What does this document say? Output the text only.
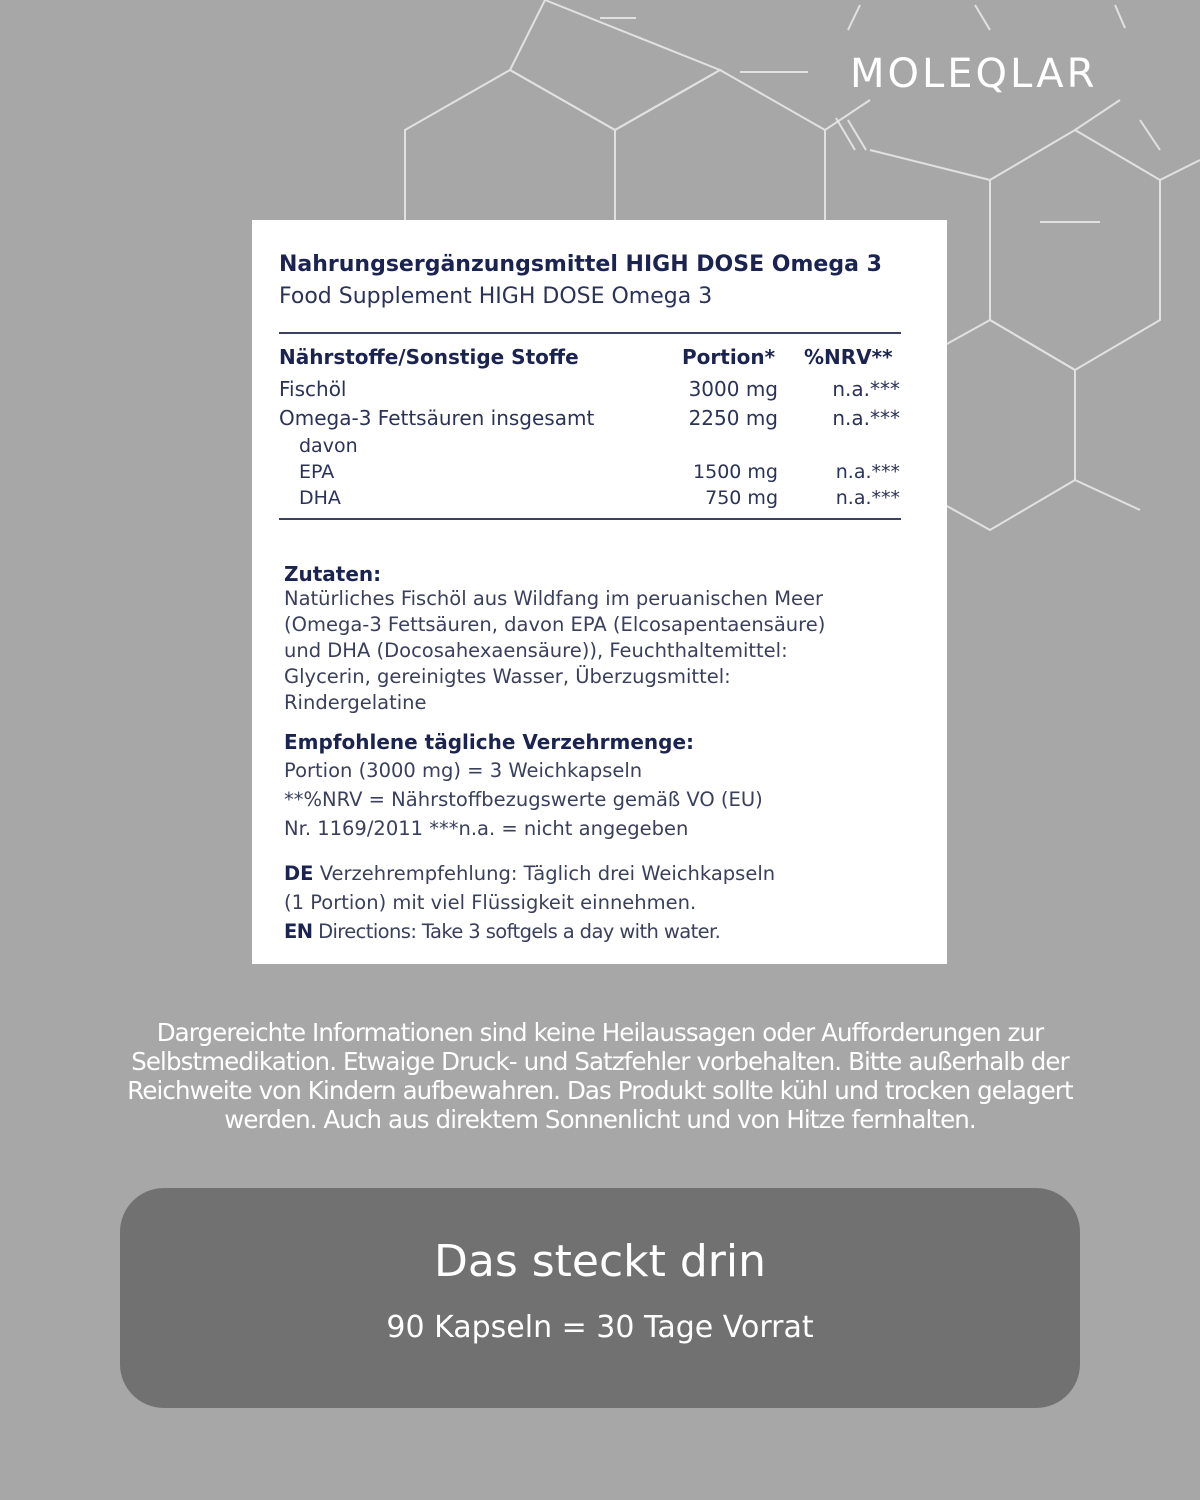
MOLEQLAR
Nahrungsergänzungsmittel HIGH DOSE Omega 3
Food Supplement HIGH DOSE Omega 3
Nährstoffe/Sonstige Stoffe	Portion* %NRV**
Fischöl	3000 mg	n.a.***
Omega-3 Fettsäuren insgesamt	2250 mg	n.a.***
davon
EPA	1500 mg	n.a.***
DHA	750 mg	n.a.***
Zutaten:
Natürliches Fischöl aus Wildfang im peruanischen Meer
(Omega-3 Fettsäuren, davon EPA (Elcosapentaensäure)
und DHA (Docosahexaensäure)), Feuchthaltemittel:
Glycerin, gereinigtes Wasser, Überzugsmittel:
Rindergelatine
Empfohlene tägliche Verzehrmenge:
Portion (3000 mg) = 3 Weichkapseln
**%NRV = Nährstoffbezugswerte gemäß VO (EU)
Nr. 1169/2011 ***n.a. = nicht angegeben
DE Verzehrempfehlung: Täglich drei Weichkapseln
(1 Portion) mit viel Flüssigkeit einnehmen.
EN Directions: Take 3 softgels a day with water.
Dargereichte Informationen sind keine Heilaussagen oder Aufforderungen zur
Selbstmedikation. Etwaige Druck- und Satzfehler vorbehalten. Bitte außerhalb der
Reichweite von Kindern aufbewahren. Das Produkt sollte kühl und trocken gelagert
werden. Auch aus direktem Sonnenlicht und von Hitze fernhalten.
Das steckt drin
90 Kapseln = 30 Tage Vorrat
